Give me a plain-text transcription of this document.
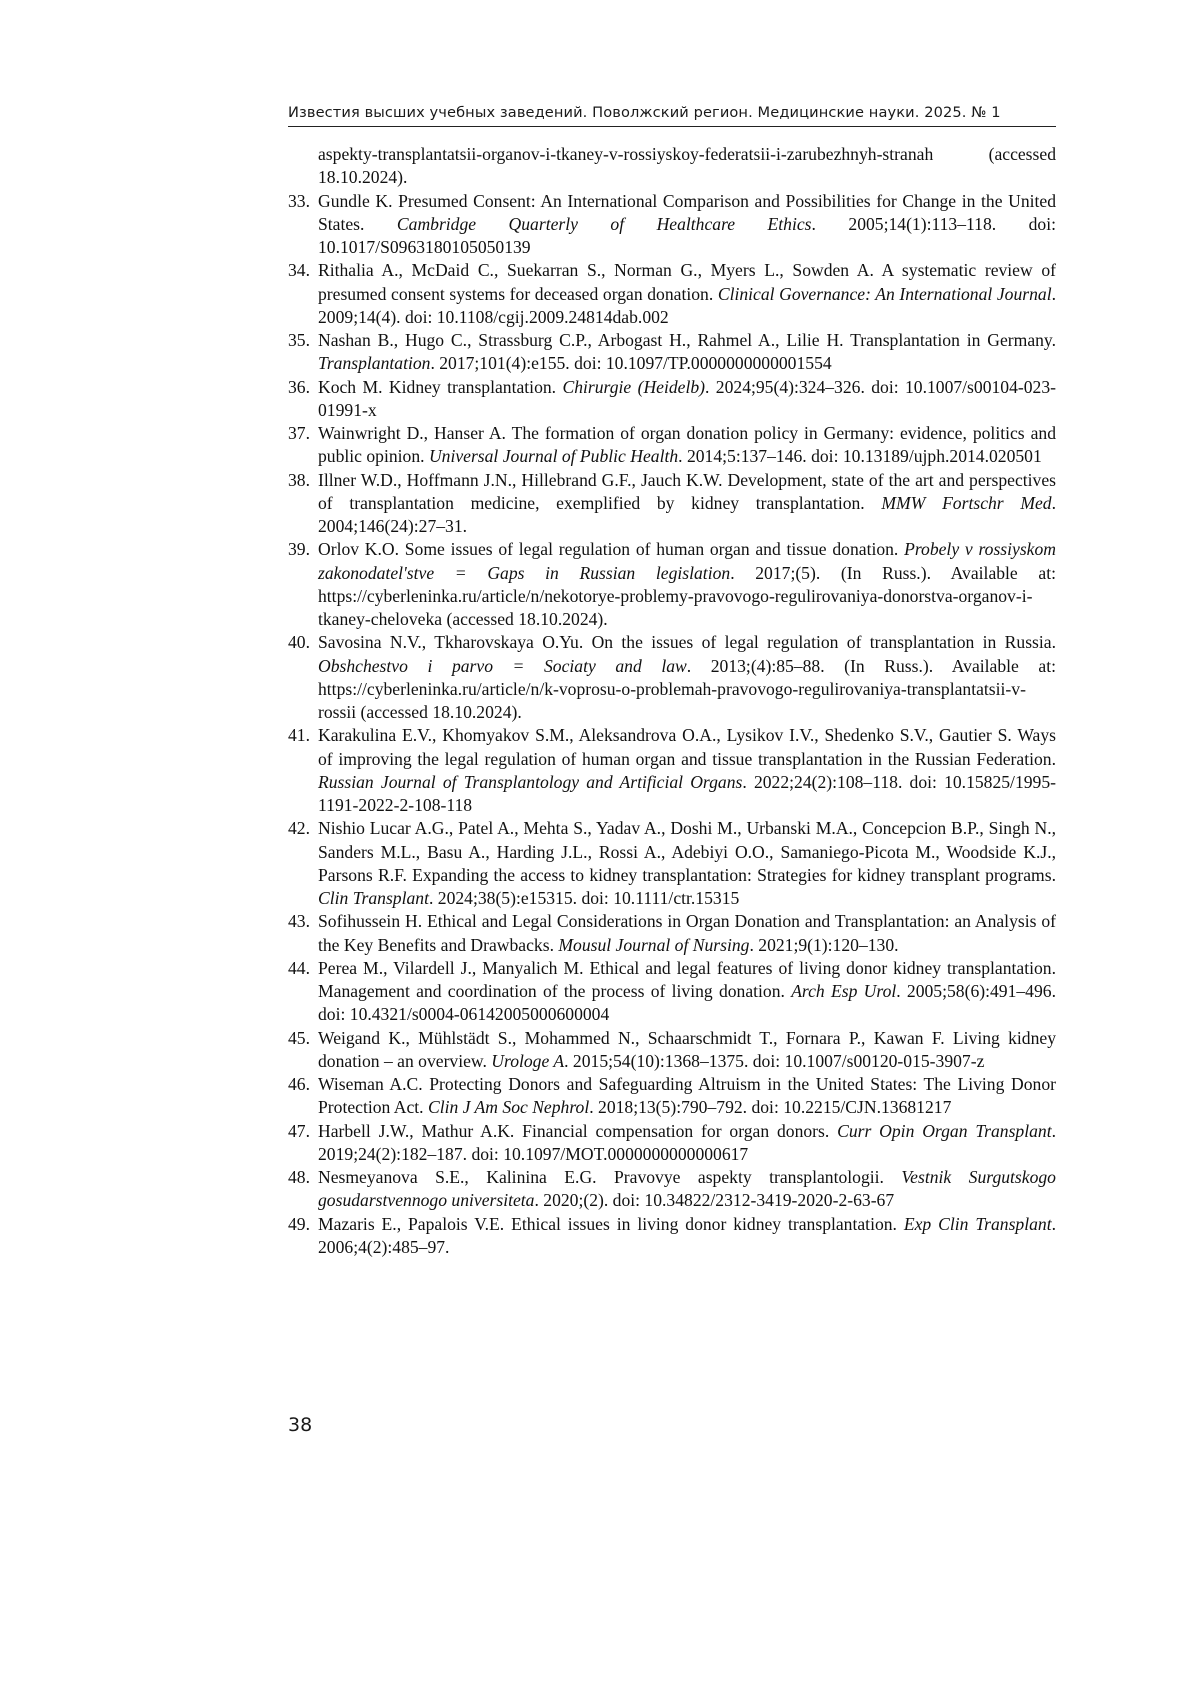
Известия высших учебных заведений. Поволжский регион. Медицинские науки. 2025. № 1
aspekty-transplantatsii-organov-i-tkaney-v-rossiyskoy-federatsii-i-zarubezhnyh-stranah (accessed 18.10.2024).
33. Gundle K. Presumed Consent: An International Comparison and Possibilities for Change in the United States. Cambridge Quarterly of Healthcare Ethics. 2005;14(1):113–118. doi: 10.1017/S0963180105050139
34. Rithalia A., McDaid C., Suekarran S., Norman G., Myers L., Sowden A. A systematic review of presumed consent systems for deceased organ donation. Clinical Governance: An International Journal. 2009;14(4). doi: 10.1108/cgij.2009.24814dab.002
35. Nashan B., Hugo C., Strassburg C.P., Arbogast H., Rahmel A., Lilie H. Transplantation in Germany. Transplantation. 2017;101(4):e155. doi: 10.1097/TP.0000000000001554
36. Koch M. Kidney transplantation. Chirurgie (Heidelb). 2024;95(4):324–326. doi: 10.1007/s00104-023-01991-x
37. Wainwright D., Hanser A. The formation of organ donation policy in Germany: evidence, politics and public opinion. Universal Journal of Public Health. 2014;5:137–146. doi: 10.13189/ujph.2014.020501
38. Illner W.D., Hoffmann J.N., Hillebrand G.F., Jauch K.W. Development, state of the art and perspectives of transplantation medicine, exemplified by kidney transplantation. MMW Fortschr Med. 2004;146(24):27–31.
39. Orlov K.O. Some issues of legal regulation of human organ and tissue donation. Probely v rossiyskom zakonodatel'stve = Gaps in Russian legislation. 2017;(5). (In Russ.). Available at: https://cyberleninka.ru/article/n/nekotorye-problemy-pravovogo-regulirovaniya-donorstva-organov-i-tkaney-cheloveka (accessed 18.10.2024).
40. Savosina N.V., Tkharovskaya O.Yu. On the issues of legal regulation of transplantation in Russia. Obshchestvo i parvo = Sociaty and law. 2013;(4):85–88. (In Russ.). Available at: https://cyberleninka.ru/article/n/k-voprosu-o-problemah-pravovogo-regulirovaniya-transplantatsii-v-rossii (accessed 18.10.2024).
41. Karakulina E.V., Khomyakov S.M., Aleksandrova O.A., Lysikov I.V., Shedenko S.V., Gautier S. Ways of improving the legal regulation of human organ and tissue transplantation in the Russian Federation. Russian Journal of Transplantology and Artificial Organs. 2022;24(2):108–118. doi: 10.15825/1995-1191-2022-2-108-118
42. Nishio Lucar A.G., Patel A., Mehta S., Yadav A., Doshi M., Urbanski M.A., Concepcion B.P., Singh N., Sanders M.L., Basu A., Harding J.L., Rossi A., Adebiyi O.O., Samaniego-Picota M., Woodside K.J., Parsons R.F. Expanding the access to kidney transplantation: Strategies for kidney transplant programs. Clin Transplant. 2024;38(5):e15315. doi: 10.1111/ctr.15315
43. Sofihussein H. Ethical and Legal Considerations in Organ Donation and Transplantation: an Analysis of the Key Benefits and Drawbacks. Mousul Journal of Nursing. 2021;9(1):120–130.
44. Perea M., Vilardell J., Manyalich M. Ethical and legal features of living donor kidney transplantation. Management and coordination of the process of living donation. Arch Esp Urol. 2005;58(6):491–496. doi: 10.4321/s0004-06142005000600004
45. Weigand K., Mühlstädt S., Mohammed N., Schaarschmidt T., Fornara P., Kawan F. Living kidney donation – an overview. Urologe A. 2015;54(10):1368–1375. doi: 10.1007/s00120-015-3907-z
46. Wiseman A.C. Protecting Donors and Safeguarding Altruism in the United States: The Living Donor Protection Act. Clin J Am Soc Nephrol. 2018;13(5):790–792. doi: 10.2215/CJN.13681217
47. Harbell J.W., Mathur A.K. Financial compensation for organ donors. Curr Opin Organ Transplant. 2019;24(2):182–187. doi: 10.1097/MOT.0000000000000617
48. Nesmeyanova S.E., Kalinina E.G. Pravovye aspekty transplantologii. Vestnik Surgutskogo gosudarstvennogo universiteta. 2020;(2). doi: 10.34822/2312-3419-2020-2-63-67
49. Mazaris E., Papalois V.E. Ethical issues in living donor kidney transplantation. Exp Clin Transplant. 2006;4(2):485–97.
38
